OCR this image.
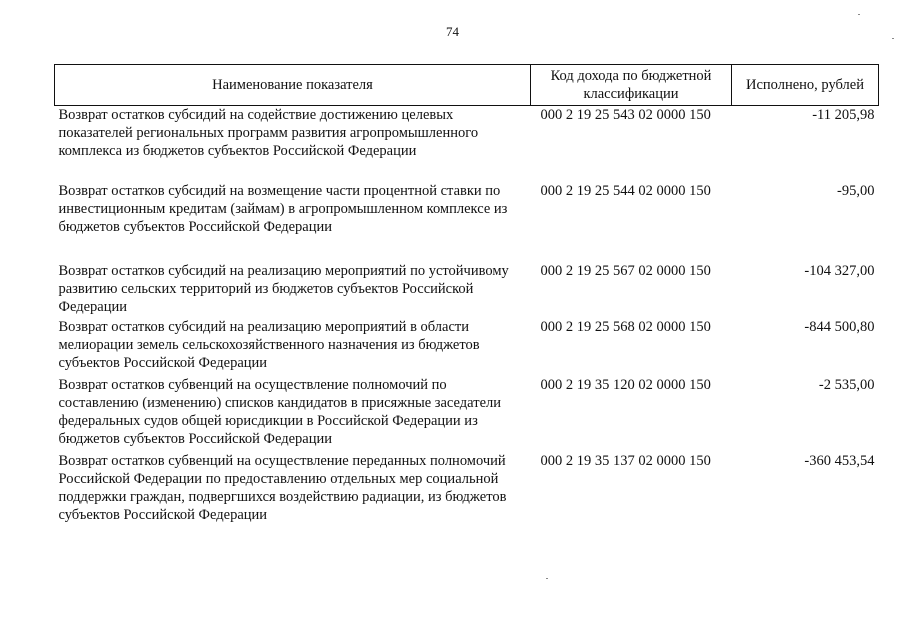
74
Наименование показателя	Код дохода по бюджетной классификации	Исполнено, рублей
Возврат остатков субсидий на содействие достижению целевых показателей региональных программ развития агропромышленного комплекса из бюджетов субъектов Российской Федерации	000 2 19 25 543 02 0000 150	-11 205,98
Возврат остатков субсидий на возмещение части процентной ставки по инвестиционным кредитам (займам) в агропромышленном комплексе из бюджетов субъектов Российской Федерации	000 2 19 25 544 02 0000 150	-95,00
Возврат остатков субсидий на реализацию мероприятий по устойчивому развитию сельских территорий из бюджетов субъектов Российской Федерации	000 2 19 25 567 02 0000 150	-104 327,00
Возврат остатков субсидий на реализацию мероприятий в области мелиорации земель сельскохозяйственного назначения из бюджетов субъектов Российской Федерации	000 2 19 25 568 02 0000 150	-844 500,80
Возврат остатков субвенций на осуществление полномочий по составлению (изменению) списков кандидатов в присяжные заседатели федеральных судов общей юрисдикции в Российской Федерации из бюджетов субъектов Российской Федерации	000 2 19 35 120 02 0000 150	-2 535,00
Возврат остатков субвенций на осуществление переданных полномочий Российской Федерации по предоставлению отдельных мер социальной поддержки граждан, подвергшихся воздействию радиации, из бюджетов субъектов Российской Федерации	000 2 19 35 137 02 0000 150	-360 453,54
